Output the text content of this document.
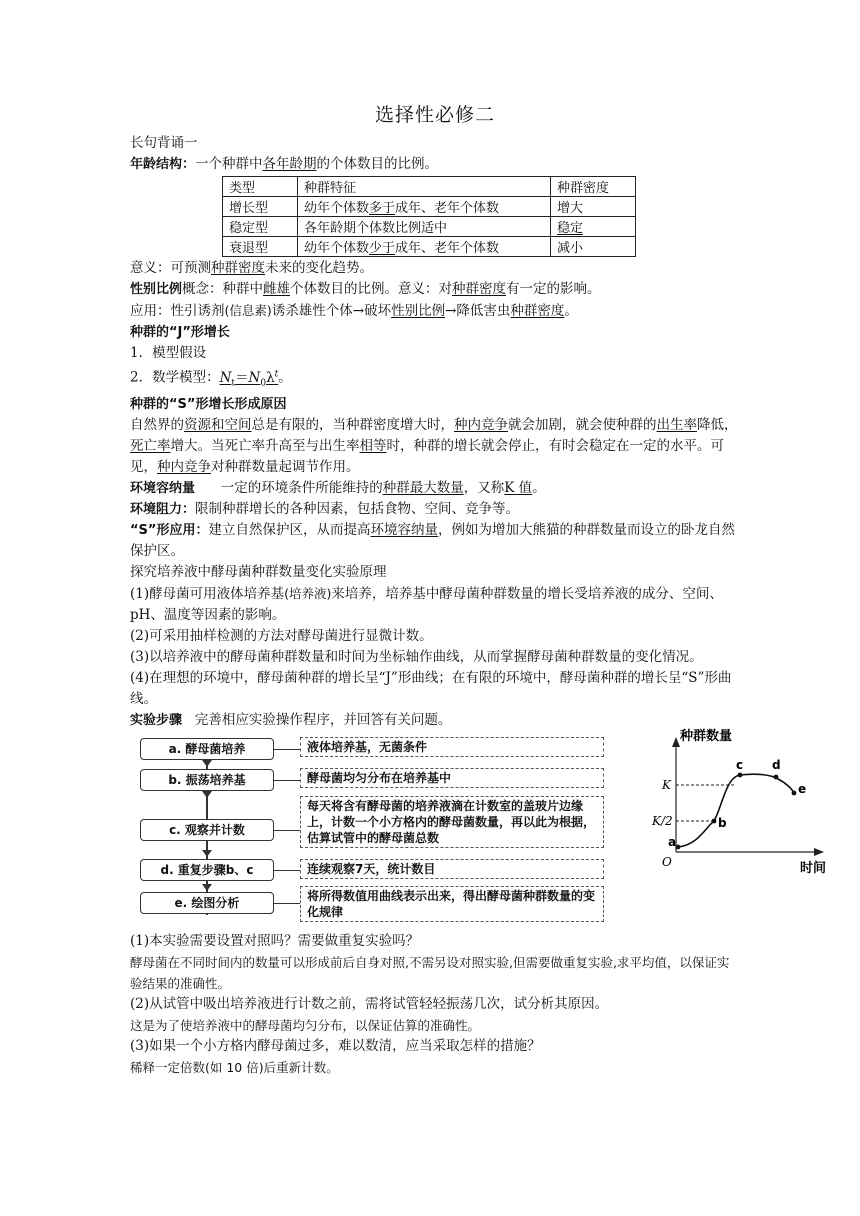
选择性必修二

长句背诵一

年龄结构：一个种群中各年龄期的个体数目的比例。

类型	种群特征	种群密度
增长型	幼年个体数多于成年、老年个体数	增大
稳定型	各年龄期个体数比例适中	稳定
衰退型	幼年个体数少于成年、老年个体数	减小

意义：可预测种群密度未来的变化趋势。

性别比例概念：种群中雌雄个体数目的比例。意义：对种群密度有一定的影响。

应用：性引诱剂(信息素)诱杀雄性个体→破坏性别比例→降低害虫种群密度。

种群的“J”形增长

1．模型假设

2．数学模型：$N_t=N_0\lambda^t$。

种群的“S”形增长形成原因

自然界的资源和空间总是有限的，当种群密度增大时，种内竞争就会加剧，就会使种群的出生率降低，死亡率增大。当死亡率升高至与出生率相等时，种群的增长就会停止，有时会稳定在一定的水平。可见，种内竞争对种群数量起调节作用。

环境容纳量 一定的环境条件所能维持的种群最大数量，又称K 值。

环境阻力：限制种群增长的各种因素，包括食物、空间、竞争等。

“S”形应用：建立自然保护区，从而提高环境容纳量，例如为增加大熊猫的种群数量而设立的卧龙自然保护区。

探究培养液中酵母菌种群数量变化实验原理

(1)酵母菌可用液体培养基(培养液)来培养，培养基中酵母菌种群数量的增长受培养液的成分、空间、pH、温度等因素的影响。

(2)可采用抽样检测的方法对酵母菌进行显微计数。

(3)以培养液中的酵母菌种群数量和时间为坐标轴作曲线，从而掌握酵母菌种群数量的变化情况。

(4)在理想的环境中，酵母菌种群的增长呈“J”形曲线；在有限的环境中，酵母菌种群的增长呈“S”形曲线。

实验步骤 完善相应实验操作程序，并回答有关问题。

a. 酵母菌培养	液体培养基，无菌条件
b. 振荡培养基	酵母菌均匀分布在培养基中
c. 观察并计数
每天将含有酵母菌的培养液滴在计数室的盖玻片边缘上，计数一个小方格内的酵母菌数量，再以此为根据，估算试管中的酵母菌总数
d. 重复步骤b、c	连续观察7天，统计数目
e. 绘图分析	将所得数值用曲线表示出来，得出酵母菌种群数量的变化规律
种群数量
时间
O
K
K/2
a
b
c d
e

(1)本实验需要设置对照吗？需要做重复实验吗？

酵母菌在不同时间内的数量可以形成前后自身对照,不需另设对照实验,但需要做重复实验,求平均值，以保证实验结果的准确性。

(2)从试管中吸出培养液进行计数之前，需将试管轻轻振荡几次，试分析其原因。

这是为了使培养液中的酵母菌均匀分布，以保证估算的准确性。

(3)如果一个小方格内酵母菌过多，难以数清，应当采取怎样的措施？

稀释一定倍数(如 10 倍)后重新计数。
